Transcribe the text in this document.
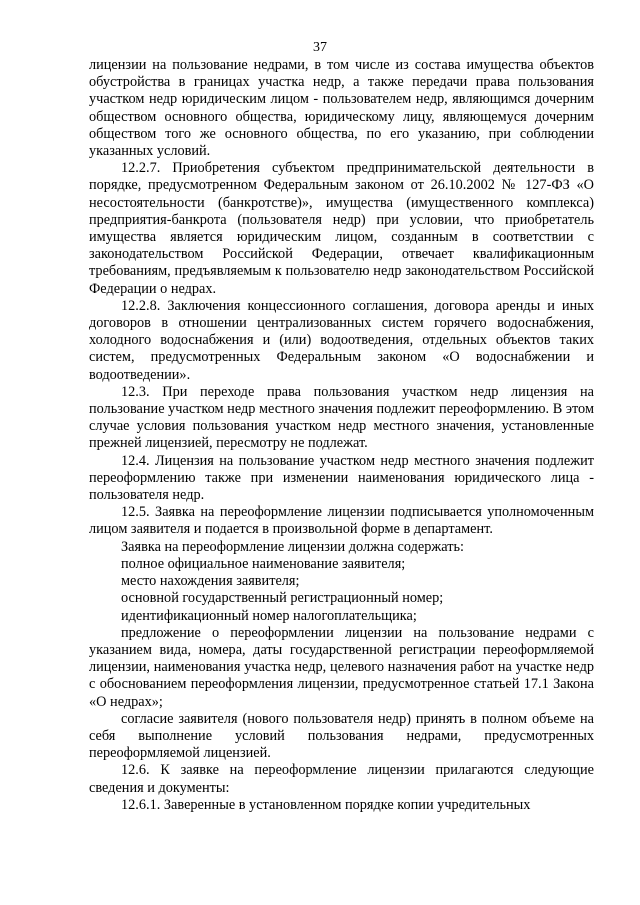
37

лицензии на пользование недрами, в том числе из состава имущества объектов обустройства в границах участка недр, а также передачи права пользования участком недр юридическим лицом - пользователем недр, являющимся дочерним обществом основного общества, юридическому лицу, являющемуся дочерним обществом того же основного общества, по его указанию, при соблюдении указанных условий.

12.2.7. Приобретения субъектом предпринимательской деятельности в порядке, предусмотренном Федеральным законом от 26.10.2002 № 127-ФЗ «О несостоятельности (банкротстве)», имущества (имущественного комплекса) предприятия-банкрота (пользователя недр) при условии, что приобретатель имущества является юридическим лицом, созданным в соответствии с законодательством Российской Федерации, отвечает квалификационным требованиям, предъявляемым к пользователю недр законодательством Российской Федерации о недрах.

12.2.8. Заключения концессионного соглашения, договора аренды и иных договоров в отношении централизованных систем горячего водоснабжения, холодного водоснабжения и (или) водоотведения, отдельных объектов таких систем, предусмотренных Федеральным законом «О водоснабжении и водоотведении».

12.3. При переходе права пользования участком недр лицензия на пользование участком недр местного значения подлежит переоформлению. В этом случае условия пользования участком недр местного значения, установленные прежней лицензией, пересмотру не подлежат.

12.4. Лицензия на пользование участком недр местного значения подлежит переоформлению также при изменении наименования юридического лица - пользователя недр.

12.5. Заявка на переоформление лицензии подписывается уполномоченным лицом заявителя и подается в произвольной форме в департамент.

Заявка на переоформление лицензии должна содержать:

полное официальное наименование заявителя;

место нахождения заявителя;

основной государственный регистрационный номер;

идентификационный номер налогоплательщика;

предложение о переоформлении лицензии на пользование недрами с указанием вида, номера, даты государственной регистрации переоформляемой лицензии, наименования участка недр, целевого назначения работ на участке недр с обоснованием переоформления лицензии, предусмотренное статьей 17.1 Закона «О недрах»;

согласие заявителя (нового пользователя недр) принять в полном объеме на себя выполнение условий пользования недрами, предусмотренных переоформляемой лицензией.

12.6. К заявке на переоформление лицензии прилагаются следующие сведения и документы:

12.6.1. Заверенные в установленном порядке копии учредительных
